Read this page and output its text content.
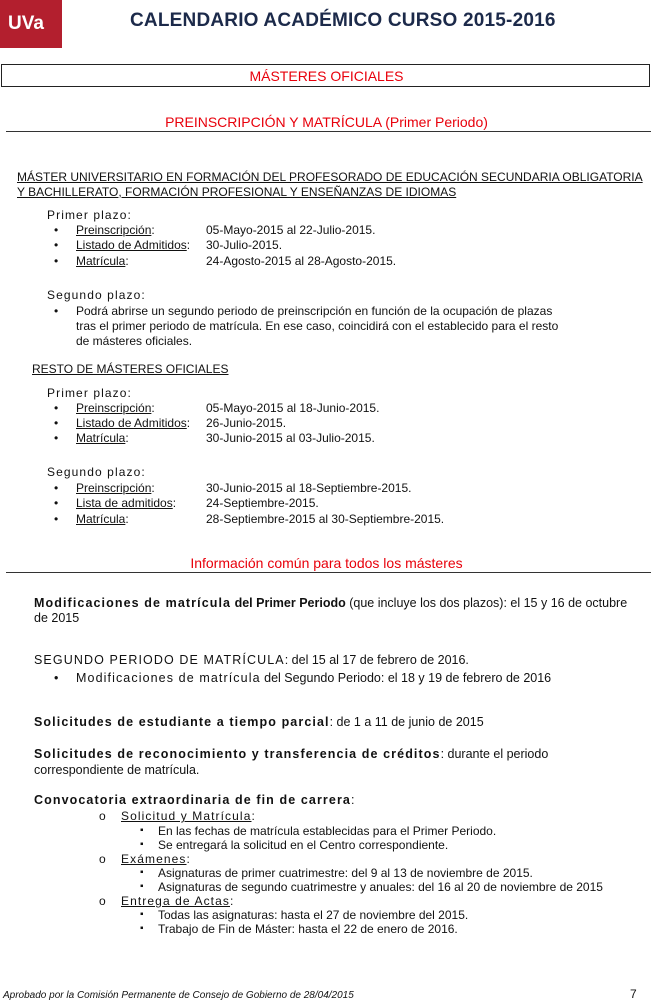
UVa	CALENDARIO ACADÉMICO CURSO 2015-2016
MÁSTERES OFICIALES
PREINSCRIPCIÓN Y MATRÍCULA (Primer Periodo)
MÁSTER UNIVERSITARIO EN FORMACIÓN DEL PROFESORADO DE EDUCACIÓN SECUNDARIA OBLIGATORIA
Y BACHILLERATO, FORMACIÓN PROFESIONAL Y ENSEÑANZAS DE IDIOMAS
Primer plazo:
• Preinscripción:	05-Mayo-2015 al 22-Julio-2015.
• Listado de Admitidos: 30-Julio-2015.
• Matrícula:	24-Agosto-2015 al 28-Agosto-2015.
Segundo plazo:
• Podrá abrirse un segundo periodo de preinscripción en función de la ocupación de plazas
tras el primer periodo de matrícula. En ese caso, coincidirá con el establecido para el resto
de másteres oficiales.
RESTO DE MÁSTERES OFICIALES
Primer plazo:
• Preinscripción:	05-Mayo-2015 al 18-Junio-2015.
• Listado de Admitidos: 26-Junio-2015.
• Matrícula:	30-Junio-2015 al 03-Julio-2015.
Segundo plazo:
• Preinscripción:	30-Junio-2015 al 18-Septiembre-2015.
• Lista de admitidos: 24-Septiembre-2015.
• Matrícula:	28-Septiembre-2015 al 30-Septiembre-2015.
Información común para todos los másteres
Modificaciones de matrícula del Primer Periodo (que incluye los dos plazos): el 15 y 16 de octubre
de 2015
SEGUNDO PERIODO DE MATRÍCULA: del 15 al 17 de febrero de 2016.
• Modificaciones de matrícula del Segundo Periodo: el 18 y 19 de febrero de 2016
Solicitudes de estudiante a tiempo parcial: de 1 a 11 de junio de 2015
Solicitudes de reconocimiento y transferencia de créditos: durante el periodo
correspondiente de matrícula.
Convocatoria extraordinaria de fin de carrera:
o Solicitud y Matrícula:
▪ En las fechas de matrícula establecidas para el Primer Periodo.
▪ Se entregará la solicitud en el Centro correspondiente.
o Exámenes:
▪ Asignaturas de primer cuatrimestre: del 9 al 13 de noviembre de 2015.
▪ Asignaturas de segundo cuatrimestre y anuales: del 16 al 20 de noviembre de 2015
o Entrega de Actas:
▪ Todas las asignaturas: hasta el 27 de noviembre del 2015.
▪ Trabajo de Fin de Máster: hasta el 22 de enero de 2016.
Aprobado por la Comisión Permanente de Consejo de Gobierno de 28/04/2015	7
